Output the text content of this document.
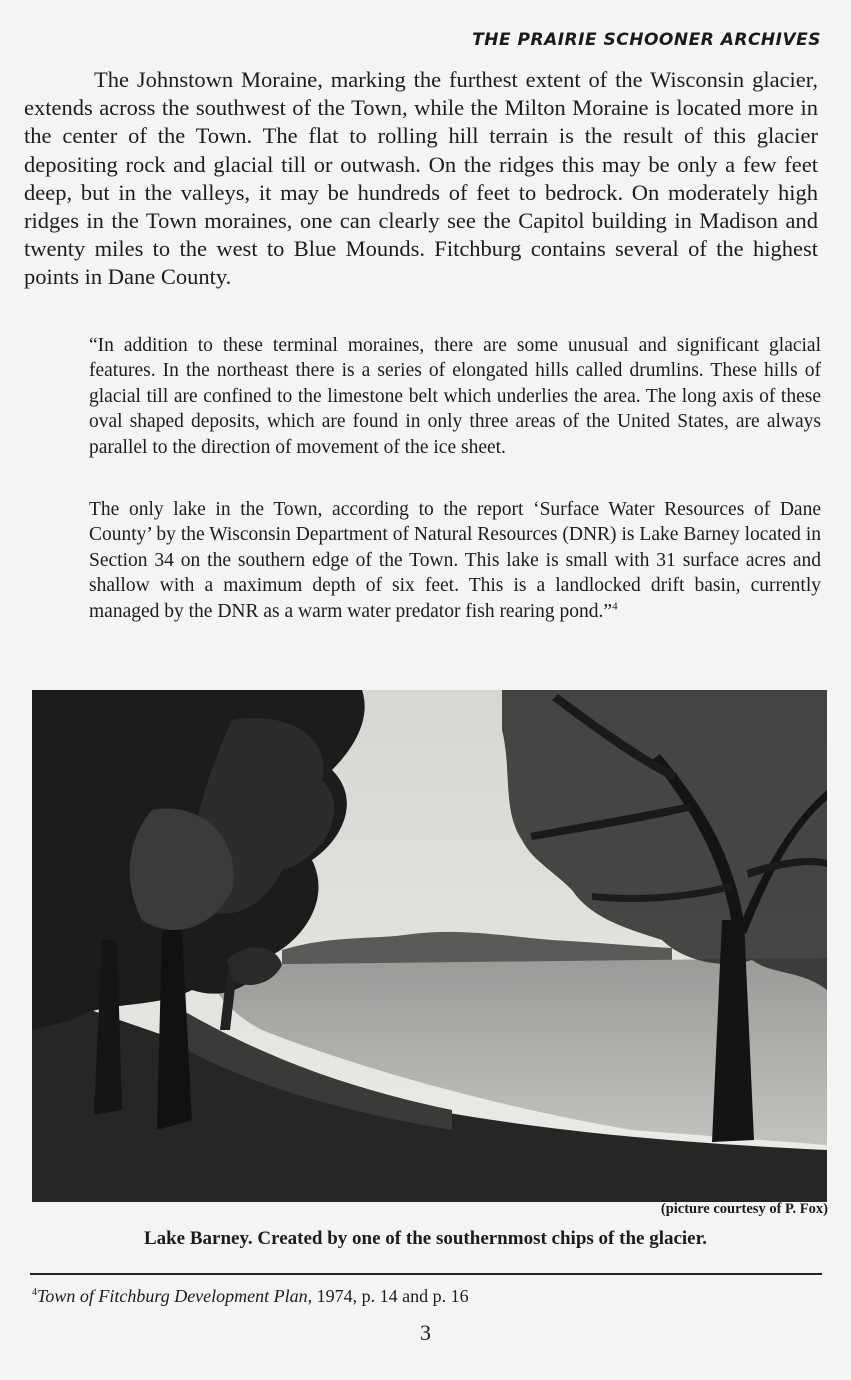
THE PRAIRIE SCHOONER ARCHIVES

The Johnstown Moraine, marking the furthest extent of the Wisconsin glacier, extends across the southwest of the Town, while the Milton Moraine is located more in the center of the Town. The flat to rolling hill terrain is the result of this glacier depositing rock and glacial till or outwash. On the ridges this may be only a few feet deep, but in the valleys, it may be hundreds of feet to bedrock. On moderately high ridges in the Town moraines, one can clearly see the Capitol building in Madison and twenty miles to the west to Blue Mounds. Fitchburg contains several of the highest points in Dane County.

“In addition to these terminal moraines, there are some unusual and significant glacial features. In the northeast there is a series of elongated hills called drumlins. These hills of glacial till are confined to the limestone belt which underlies the area. The long axis of these oval shaped deposits, which are found in only three areas of the United States, are always parallel to the direction of movement of the ice sheet.

The only lake in the Town, according to the report ‘Surface Water Resources of Dane County’ by the Wisconsin Department of Natural Resources (DNR) is Lake Barney located in Section 34 on the southern edge of the Town. This lake is small with 31 surface acres and shallow with a maximum depth of six feet. This is a landlocked drift basin, currently managed by the DNR as a warm water predator fish rearing pond.”$^4$

(picture courtesy of P. Fox)

Lake Barney. Created by one of the southernmost chips of the glacier.

$^4$Town of Fitchburg Development Plan, 1974, p. 14 and p. 16
3
